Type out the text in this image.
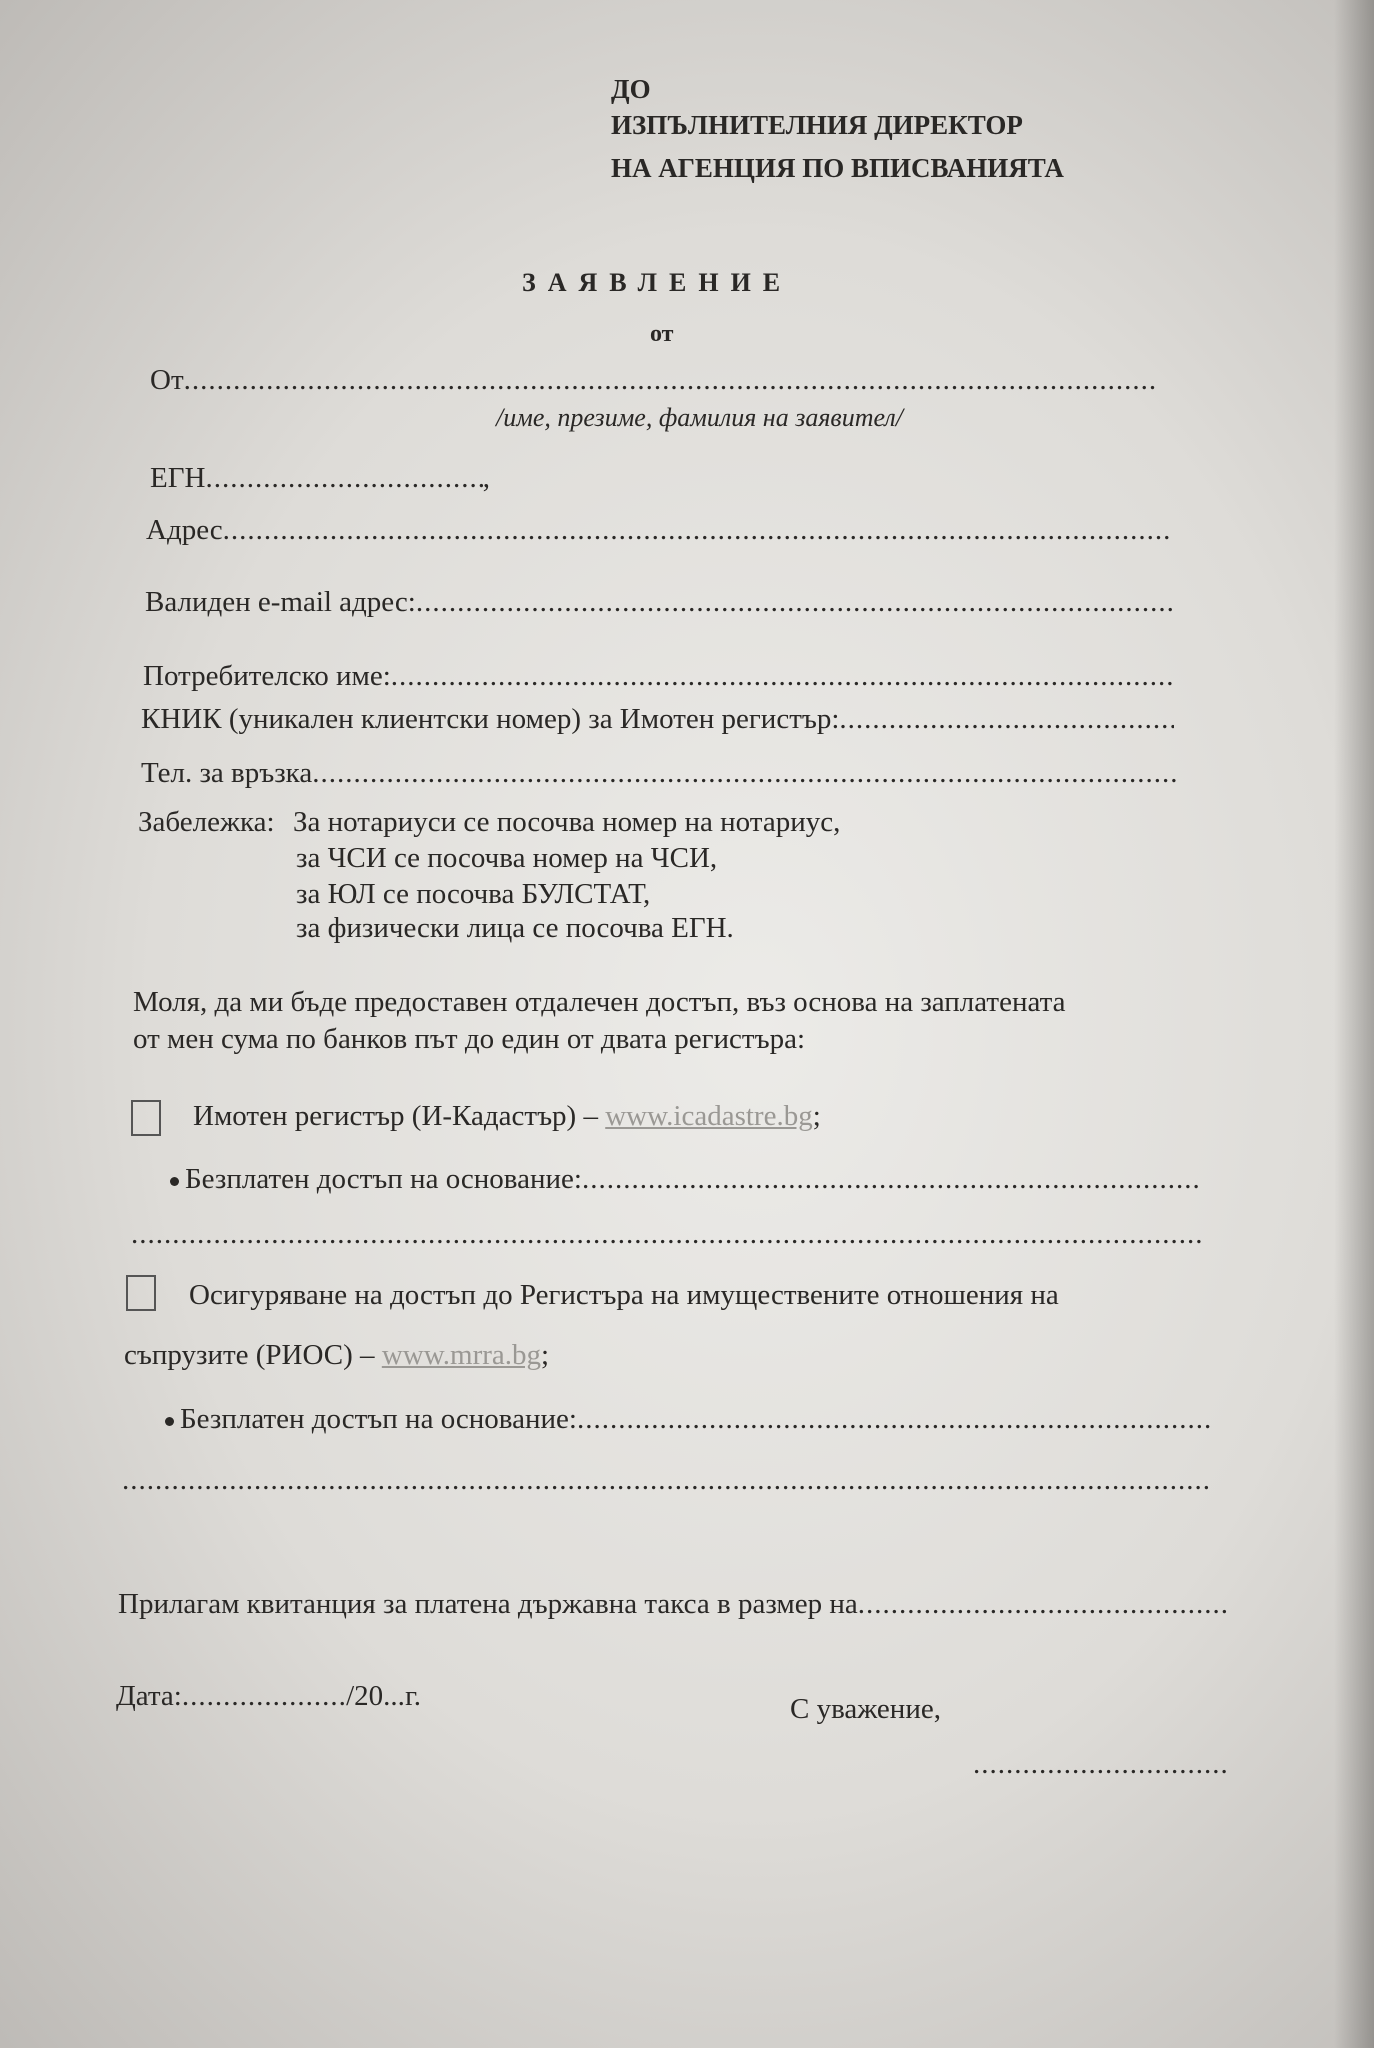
ДО
ИЗПЪЛНИТЕЛНИЯ ДИРЕКТОР
НА АГЕНЦИЯ ПО ВПИСВАНИЯТА
ЗАЯВЛЕНИЕ
от
От
.....
/име, презиме, фамилия на заявител/
ЕГН .....	,
Адрес
.....
Валиден e-mail адрес:
.....
Потребителско име:
.....
КНИК (уникален клиентски номер) за Имотен регистър:
.....
Тел. за връзка
.....
Забележка: За нотариуси се посочва номер на нотариус,
за ЧСИ се посочва номер на ЧСИ,
за ЮЛ се посочва БУЛСТАТ,
за физически лица се посочва ЕГН.
Моля, да ми бъде предоставен отдалечен достъп, въз основа на заплатената
от мен сума по банков път до един от двата регистъра:
Имотен регистър (И-Кадастър) – www.icadastre.bg;
Безплатен достъп на основание:
.....
.....
Осигуряване на достъп до Регистъра на имуществените отношения на
съпрузите (РИОС) – www.mrra.bg;
Безплатен достъп на основание:
.....
.....
Прилагам квитанция за платена държавна такса в размер на
.....
Дата: .....	/20 ... г.	С уважение,
.....
